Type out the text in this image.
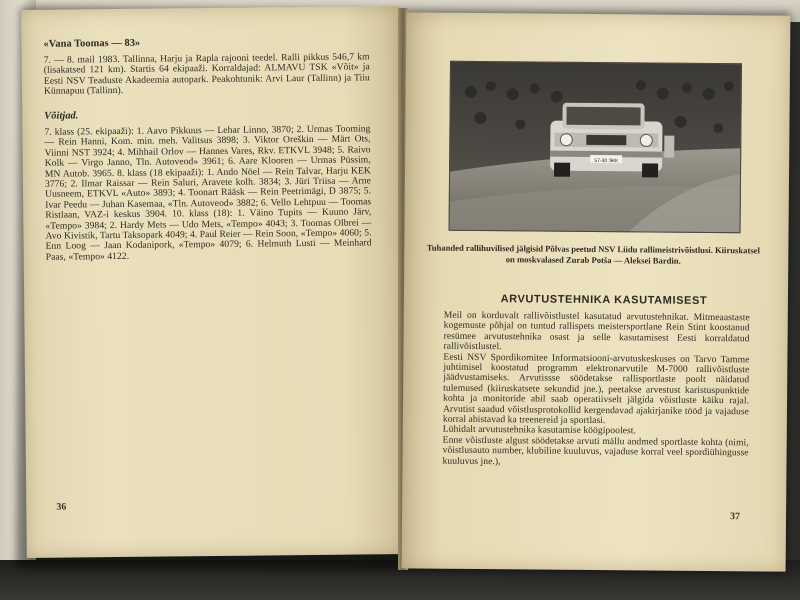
«Vana Toomas — 83»
7. — 8. mail 1983. Tallinna, Harju ja Rapla rajooni teedel. Ralli pikkus 546,7 km (lisakatsed 121 km). Startis 64 ekipaaži. Korraldajad: ALMAVU TSK «Võit» ja Eesti NSV Teaduste Akadeemia autopark. Peakohtunik: Arvi Laur (Tallinn) ja Tiiu Künnapuu (Tallinn).
Võitjad.
7. klass (25. ekipaaži): 1. Aavo Pikkuus — Lehar Linno, 3870; 2. Urmas Tooming — Rein Hanni, Kom. min. meh. Valitsus 3898; 3. Viktor Oreškin — Märt Ots, Viinni NST 3924; 4. Mihhail Orlov — Hannes Vares, Rkv. ETKVL 3948; 5. Raivo Kolk — Virgo Janno, Tln. Autoveod» 3961; 6. Aare Klooren — Urmas Püssim, MN Autob. 3965. 8. klass (18 ekipaaži): 1. Ando Nöel — Rein Talvar, Harju KEK 3776; 2. Ilmar Raissar — Rein Saluri, Aravete kolh. 3834; 3. Jüri Triisa — Arne Uusneem, ETKVL «Auto» 3893; 4. Toonart Rääsk — Rein Peetrimägi, D 3875; 5. Ivar Peedu — Juhan Kasemaa, «Tln. Autoveod» 3882; 6. Vello Lehtpuu — Toomas Ristlaan, VAZ-i keskus 3904. 10. klass (18): 1. Väino Tupits — Kuuno Järv, «Tempo» 3984; 2. Hardy Mets — Udo Mets, «Tempo» 4043; 3. Toomas Olbrei — Avo Kivistik, Tartu Taksopark 4049; 4. Paul Reier — Rein Soon, «Tempo» 4060; 5. Enn Loog — Jaan Kodanipork, «Tempo» 4079; 6. Helmuth Lusti — Meinhard Paas, «Tempo» 4122.
36
57-30 ЭКК
Tuhanded rallihuvilised jälgisid Põlvas peetud NSV Liidu rallimeistrivõistlusi. Kiiruskatsel on moskvalased Zurab Potša — Aleksei Bardin.
ARVUTUSTEHNIKA KASUTAMISEST
Meil on korduvalt rallivõistlustel kasutatud arvutustehnikat. Mitmeaastaste kogemuste põhjal on tuntud rallispets meistersportlane Rein Stint koostanud resümee arvutustehnika osast ja selle kasutamisest Eesti korraldatud rallivõistlustel.
Eesti NSV Spordikomitee Informatsiooni-arvutuskeskuses on Tarvo Tamme juhtimisel koostatud programm elektronarvutile M-7000 rallivõistluste jäädvustamiseks. Arvutissse söödetakse rallisportlaste poolt näidatud tulemused (kiiruskatsete sekundid jne.), peetakse arvestust karistuspunktide kohta ja monitoride abil saab operatiivselt jälgida võistluste käiku rajal. Arvutist saadud võistlusprotokollid kergendavad ajakirjanike tööd ja vajaduse korral abistavad ka treenereid ja sportlasi.
Lühidalt arvutustehnika kasutamise köögipoolest.
Enne võistluste algust söödetakse arvuti mällu andmed sportlaste kohta (nimi, võistlusauto number, klubiline kuuluvus, vajaduse korral veel spordiühingusse kuuluvus jne.),
37
